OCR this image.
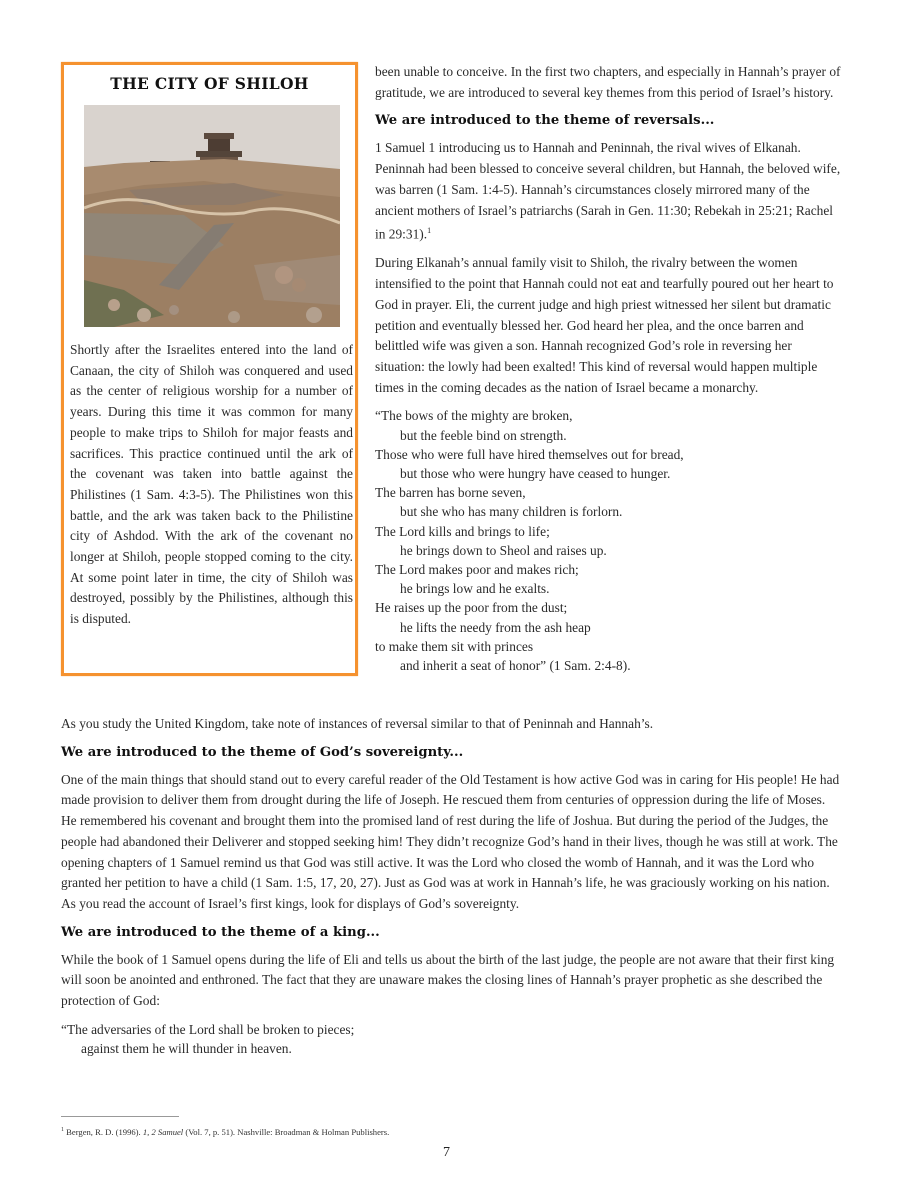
THE CITY OF SHILOH
Shortly after the Israelites entered into the land of Canaan, the city of Shiloh was conquered and used as the center of religious worship for a number of years. During this time it was common for many people to make trips to Shiloh for major feasts and sacrifices. This practice continued until the ark of the covenant was taken into battle against the Philistines (1 Sam. 4:3-5). The Philistines won this battle, and the ark was taken back to the Philistine city of Ashdod. With the ark of the covenant no longer at Shiloh, people stopped coming to the city. At some point later in time, the city of Shiloh was destroyed, possibly by the Philistines, although this is disputed.

been unable to conceive. In the first two chapters, and especially in Hannah’s prayer of gratitude, we are introduced to several key themes from this period of Israel’s history.

We are introduced to the theme of reversals...

1 Samuel 1 introducing us to Hannah and Peninnah, the rival wives of Elkanah. Peninnah had been blessed to conceive several children, but Hannah, the beloved wife, was barren (1 Sam. 1:4-5). Hannah’s circumstances closely mirrored many of the ancient mothers of Israel’s patriarchs (Sarah in Gen. 11:30; Rebekah in 25:21; Rachel in 29:31).$^1$

During Elkanah’s annual family visit to Shiloh, the rivalry between the women intensified to the point that Hannah could not eat and tearfully poured out her heart to God in prayer. Eli, the current judge and high priest witnessed her silent but dramatic petition and eventually blessed her. God heard her plea, and the once barren and belittled wife was given a son. Hannah recognized God’s role in reversing her situation: the lowly had been exalted! This kind of reversal would happen multiple times in the coming decades as the nation of Israel became a monarchy.

“The bows of the mighty are broken,
but the feeble bind on strength.
Those who were full have hired themselves out for bread,
but those who were hungry have ceased to hunger.
The barren has borne seven,
but she who has many children is forlorn.
The Lord kills and brings to life;
he brings down to Sheol and raises up.
The Lord makes poor and makes rich;
he brings low and he exalts.
He raises up the poor from the dust;
he lifts the needy from the ash heap
to make them sit with princes
and inherit a seat of honor” (1 Sam. 2:4-8).

As you study the United Kingdom, take note of instances of reversal similar to that of Peninnah and Hannah’s.

We are introduced to the theme of God’s sovereignty...

One of the main things that should stand out to every careful reader of the Old Testament is how active God was in caring for His people! He had made provision to deliver them from drought during the life of Joseph. He rescued them from centuries of oppression during the life of Moses. He remembered his covenant and brought them into the promised land of rest during the life of Joshua. But during the period of the Judges, the people had abandoned their Deliverer and stopped seeking him! They didn’t recognize God’s hand in their lives, though he was still at work. The opening chapters of 1 Samuel remind us that God was still active. It was the Lord who closed the womb of Hannah, and it was the Lord who granted her petition to have a child (1 Sam. 1:5, 17, 20, 27). Just as God was at work in Hannah’s life, he was graciously working on his nation. As you read the account of Israel’s first kings, look for displays of God’s sovereignty.

We are introduced to the theme of a king...

While the book of 1 Samuel opens during the life of Eli and tells us about the birth of the last judge, the people are not aware that their first king will soon be anointed and enthroned. The fact that they are unaware makes the closing lines of Hannah’s prayer prophetic as she described the protection of God:

“The adversaries of the Lord shall be broken to pieces;
against them he will thunder in heaven.
$^1$ Bergen, R. D. (1996). 1, 2 Samuel (Vol. 7, p. 51). Nashville: Broadman & Holman Publishers.
7
